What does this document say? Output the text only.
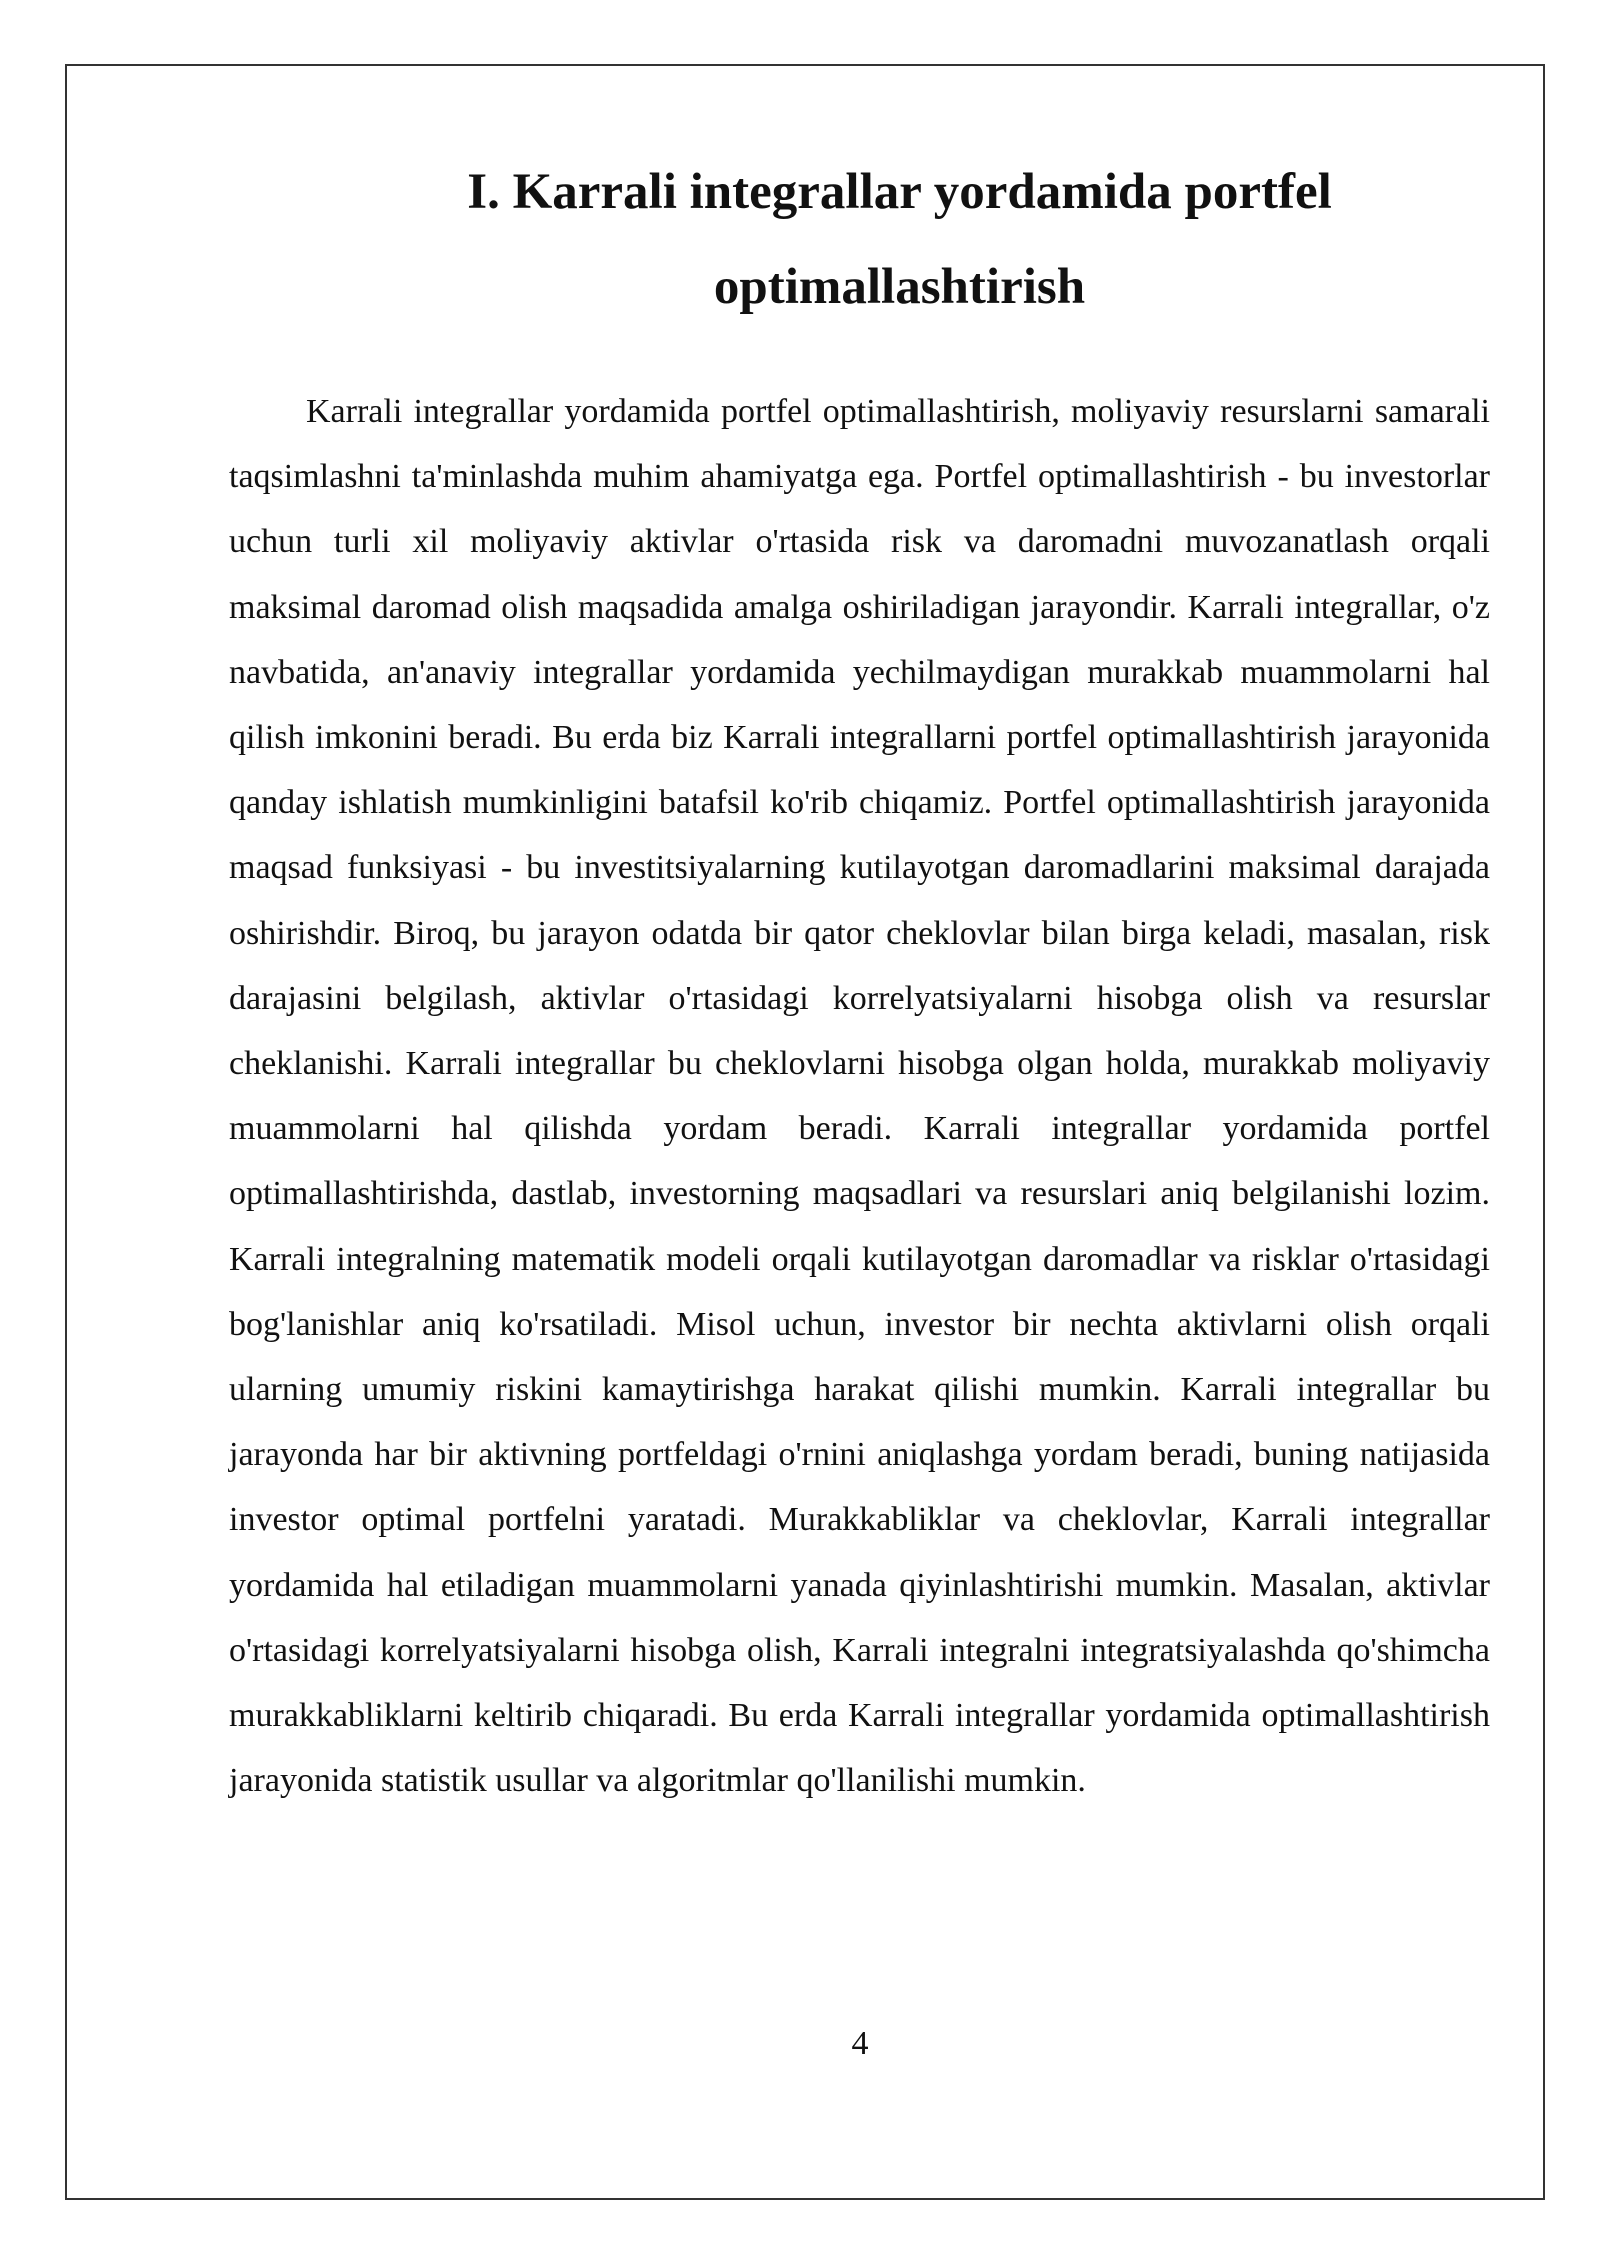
I. Karrali integrallar yordamida portfel
optimallashtirish

Karrali integrallar yordamida portfel optimallashtirish, moliyaviy resurslarni samarali taqsimlashni ta'minlashda muhim ahamiyatga ega. Portfel optimallashtirish - bu investorlar uchun turli xil moliyaviy aktivlar o'rtasida risk va daromadni muvozanatlash orqali maksimal daromad olish maqsadida amalga oshiriladigan jarayondir. Karrali integrallar, o'z navbatida, an'anaviy integrallar yordamida yechilmaydigan murakkab muammolarni hal qilish imkonini beradi. Bu erda biz Karrali integrallarni portfel optimallashtirish jarayonida qanday ishlatish mumkinligini batafsil ko'rib chiqamiz. Portfel optimallashtirish jarayonida maqsad funksiyasi - bu investitsiyalarning kutilayotgan daromadlarini maksimal darajada oshirishdir. Biroq, bu jarayon odatda bir qator cheklovlar bilan birga keladi, masalan, risk darajasini belgilash, aktivlar o'rtasidagi korrelyatsiyalarni hisobga olish va resurslar cheklanishi. Karrali integrallar bu cheklovlarni hisobga olgan holda, murakkab moliyaviy muammolarni hal qilishda yordam beradi. Karrali integrallar yordamida portfel optimallashtirishda, dastlab, investorning maqsadlari va resurslari aniq belgilanishi lozim. Karrali integralning matematik modeli orqali kutilayotgan daromadlar va risklar o'rtasidagi bog'lanishlar aniq ko'rsatiladi. Misol uchun, investor bir nechta aktivlarni olish orqali ularning umumiy riskini kamaytirishga harakat qilishi mumkin. Karrali integrallar bu jarayonda har bir aktivning portfeldagi o'rnini aniqlashga yordam beradi, buning natijasida investor optimal portfelni yaratadi. Murakkabliklar va cheklovlar, Karrali integrallar yordamida hal etiladigan muammolarni yanada qiyinlashtirishi mumkin. Masalan, aktivlar o'rtasidagi korrelyatsiyalarni hisobga olish, Karrali integralni integratsiyalashda qo'shimcha murakkabliklarni keltirib chiqaradi. Bu erda Karrali integrallar yordamida optimallashtirish jarayonida statistik usullar va algoritmlar qo'llanilishi mumkin.

4
